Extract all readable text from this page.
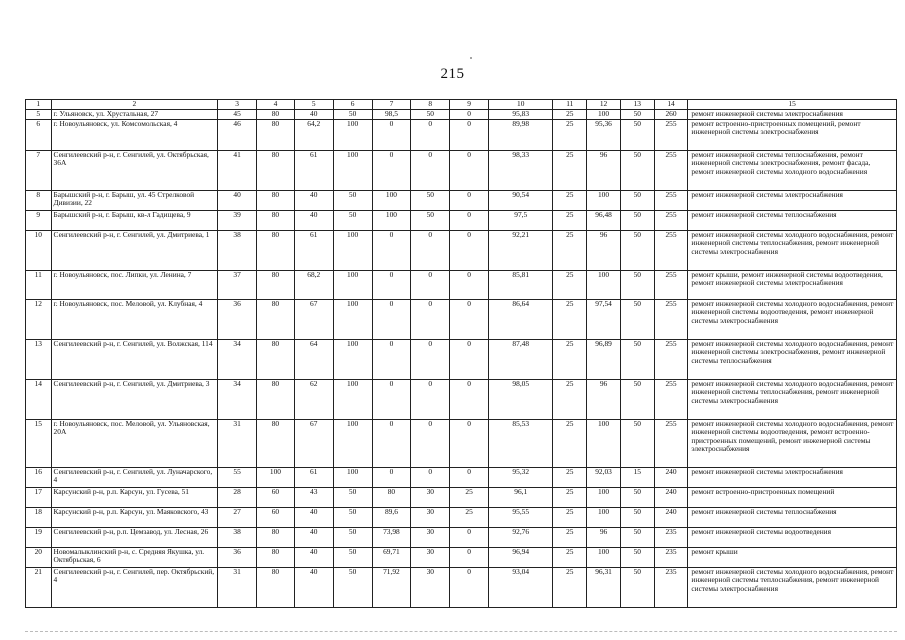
215
1	2	3	4	5	6	7	8	9	10	11	12	13	14	15
5	г. Ульяновск, ул. Хрустальная, 27	45	80	40	50	98,5	50	0	95,83	25	100	50	260	ремонт инженерной системы электроснабжения
6	г. Новоульяновск, ул. Комсомольская, 4	46	80	64,2	100	0	0	0	89,98	25	95,36	50	255	ремонт встроенно-пристроенных помещений, ремонт инженерной системы электроснабжения
7	Сенгилеевский р-н, г. Сенгилей, ул. Октябрьская, 36А	41	80	61	100	0	0	0	98,33	25	96	50	255	ремонт инженерной системы теплоснабжения, ремонт инженерной системы электроснабжения, ремонт фасада, ремонт инженерной системы холодного водоснабжения
8	Барышский р-н, г. Барыш, ул. 45 Стрелковой Дивизии, 22	40	80	40	50	100	50	0	90,54	25	100	50	255	ремонт инженерной системы электроснабжения
9	Барышский р-н, г. Барыш, кв-л Гадищева, 9	39	80	40	50	100	50	0	97,5	25	96,48	50	255	ремонт инженерной системы теплоснабжения
10	Сенгилеевский р-н, г. Сенгилей, ул. Дмитриева, 1	38	80	61	100	0	0	0	92,21	25	96	50	255	ремонт инженерной системы холодного водоснабжения, ремонт инженерной системы теплоснабжения, ремонт инженерной системы электроснабжения
11	г. Новоульяновск, пос. Липки, ул. Ленина, 7	37	80	68,2	100	0	0	0	85,81	25	100	50	255	ремонт крыши, ремонт инженерной системы водоотведения, ремонт инженерной системы электроснабжения
12	г. Новоульяновск, пос. Меловой, ул. Клубная, 4	36	80	67	100	0	0	0	86,64	25	97,54	50	255	ремонт инженерной системы холодного водоснабжения, ремонт инженерной системы водоотведения, ремонт инженерной системы электроснабжения
13	Сенгилеевский р-н, г. Сенгилей, ул. Волжская, 114	34	80	64	100	0	0	0	87,48	25	96,89	50	255	ремонт инженерной системы холодного водоснабжения, ремонт инженерной системы электроснабжения, ремонт инженерной системы теплоснабжения
14	Сенгилеевский р-н, г. Сенгилей, ул. Дмитриева, 3	34	80	62	100	0	0	0	98,05	25	96	50	255	ремонт инженерной системы холодного водоснабжения, ремонт инженерной системы теплоснабжения, ремонт инженерной системы электроснабжения
15	г. Новоульяновск, пос. Меловой, ул. Ульяновская, 20А	31	80	67	100	0	0	0	85,53	25	100	50	255	ремонт инженерной системы холодного водоснабжения, ремонт инженерной системы водоотведения, ремонт встроенно-пристроенных помещений, ремонт инженерной системы электроснабжения
16	Сенгилеевский р-н, г. Сенгилей, ул. Луначарского, 4	55	100	61	100	0	0	0	95,32	25	92,03	15	240	ремонт инженерной системы электроснабжения
17	Карсунский р-н, р.п. Карсун, ул. Гусева, 51	28	60	43	50	80	30	25	96,1	25	100	50	240	ремонт встроенно-пристроенных помещений
18	Карсунский р-н, р.п. Карсун, ул. Маяковского, 43	27	60	40	50	89,6	30	25	95,55	25	100	50	240	ремонт инженерной системы теплоснабжения
19	Сенгилеевский р-н, р.п. Цемзавод, ул. Лесная, 26	38	80	40	50	73,98	30	0	92,76	25	96	50	235	ремонт инженерной системы водоотведения
20	Новомалыклинский р-н, с. Средняя Якушка, ул. Октябрьская, 6	36	80	40	50	69,71	30	0	96,94	25	100	50	235	ремонт крыши
21	Сенгилеевский р-н, г. Сенгилей, пер. Октябрьский, 4	31	80	40	50	71,92	30	0	93,04	25	96,31	50	235	ремонт инженерной системы холодного водоснабжения, ремонт инженерной системы теплоснабжения, ремонт инженерной системы электроснабжения
